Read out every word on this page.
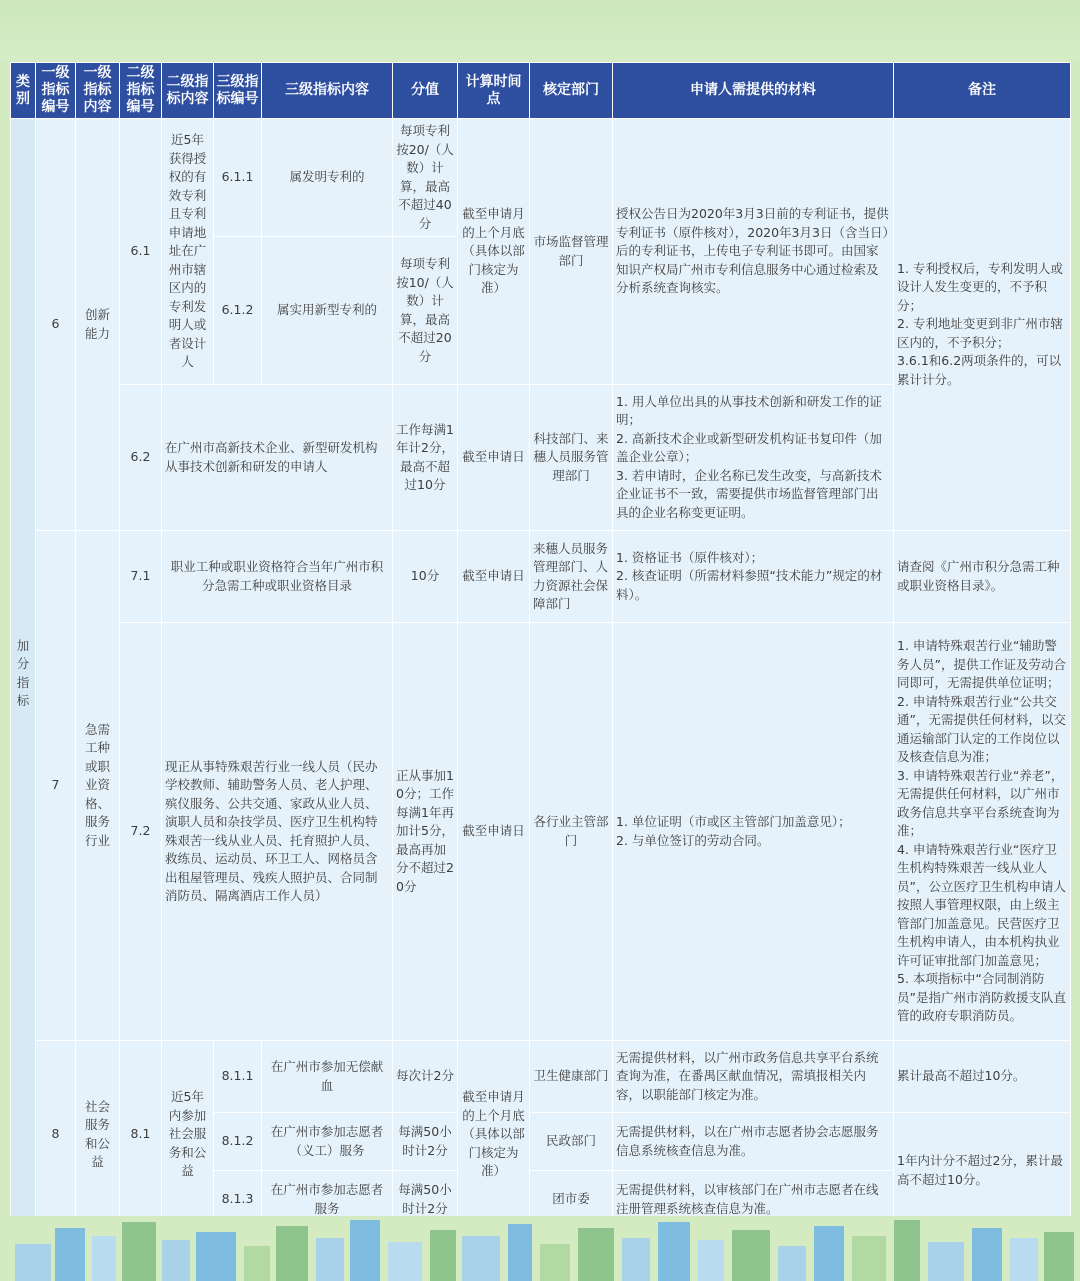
类别	一级指标编号	一级指标内容	二级指标编号	二级指标内容	三级指标编号	三级指标内容	分值	计算时间点	核定部门	申请人需提供的材料	备注
加分指标	6	创新能力	6.1	近5年获得授权的有效专利且专利申请地址在广州市辖区内的专利发明人或者设计人	6.1.1	属发明专利的	每项专利按20/（人数）计算，最高不超过40分	截至申请月的上个月底（具体以部门核定为准）	市场监督管理部门	授权公告日为2020年3月3日前的专利证书，提供专利证书（原件核对），2020年3月3日（含当日）后的专利证书，上传电子专利证书即可。由国家知识产权局广州市专利信息服务中心通过检索及分析系统查询核实。	1. 专利授权后，专利发明人或设计人发生变更的，不予积分；
2. 专利地址变更到非广州市辖区内的，不予积分；
3.6.1和6.2两项条件的，可以累计计分。
					6.1.2	属实用新型专利的	每项专利按10/（人数）计算，最高不超过20分				
			6.2	在广州市高新技术企业、新型研发机构从事技术创新和研发的申请人			工作每满1年计2分，最高不超过10分	截至申请日	科技部门、来穗人员服务管理部门	1. 用人单位出具的从事技术创新和研发工作的证明；
2. 高新技术企业或新型研发机构证书复印件（加盖企业公章）；
3. 若申请时，企业名称已发生改变，与高新技术企业证书不一致，需要提供市场监督管理部门出具的企业名称变更证明。	
	7	急需工种或职业资格、服务行业	7.1	职业工种或职业资格符合当年广州市积分急需工种或职业资格目录			10分	截至申请日	来穗人员服务管理部门、人力资源社会保障部门	1. 资格证书（原件核对）；
2. 核查证明（所需材料参照“技术能力”规定的材料）。	请查阅《广州市积分急需工种或职业资格目录》。
			7.2	现正从事特殊艰苦行业一线人员（民办学校教师、辅助警务人员、老人护理、殡仪服务、公共交通、家政从业人员、演职人员和杂技学员、医疗卫生机构特殊艰苦一线从业人员、托育照护人员、救练员、运动员、环卫工人、网格员含出租屋管理员、残疾人照护员、合同制消防员、隔离酒店工作人员）			正从事加10分；工作每满1年再加计5分，最高再加分不超过20分	截至申请日	各行业主管部门	1. 单位证明（市或区主管部门加盖意见）；
2. 与单位签订的劳动合同。	1. 申请特殊艰苦行业“辅助警务人员”，提供工作证及劳动合同即可，无需提供单位证明；
2. 申请特殊艰苦行业“公共交通”，无需提供任何材料，以交通运输部门认定的工作岗位以及核查信息为准；
3. 申请特殊艰苦行业“养老”，无需提供任何材料，以广州市政务信息共享平台系统查询为准；
4. 申请特殊艰苦行业“医疗卫生机构特殊艰苦一线从业人员”，公立医疗卫生机构申请人按照人事管理权限，由上级主管部门加盖意见。民营医疗卫生机构申请人，由本机构执业许可证审批部门加盖意见；
5. 本项指标中“合同制消防员”是指广州市消防救援支队直管的政府专职消防员。
	8	社会服务和公益	8.1	近5年内参加社会服务和公益	8.1.1	在广州市参加无偿献血	每次计2分	截至申请月的上个月底（具体以部门核定为准）	卫生健康部门	无需提供材料，以广州市政务信息共享平台系统查询为准，在番禺区献血情况，需填报相关内容，以职能部门核定为准。	累计最高不超过10分。
					8.1.2	在广州市参加志愿者（义工）服务	每满50小时计2分		民政部门	无需提供材料，以在广州市志愿者协会志愿服务信息系统核查信息为准。	1年内计分不超过2分，累计最高不超过10分。
					8.1.3	在广州市参加志愿者服务	每满50小时计2分		团市委	无需提供材料，以审核部门在广州市志愿者在线注册管理系统核查信息为准。	
